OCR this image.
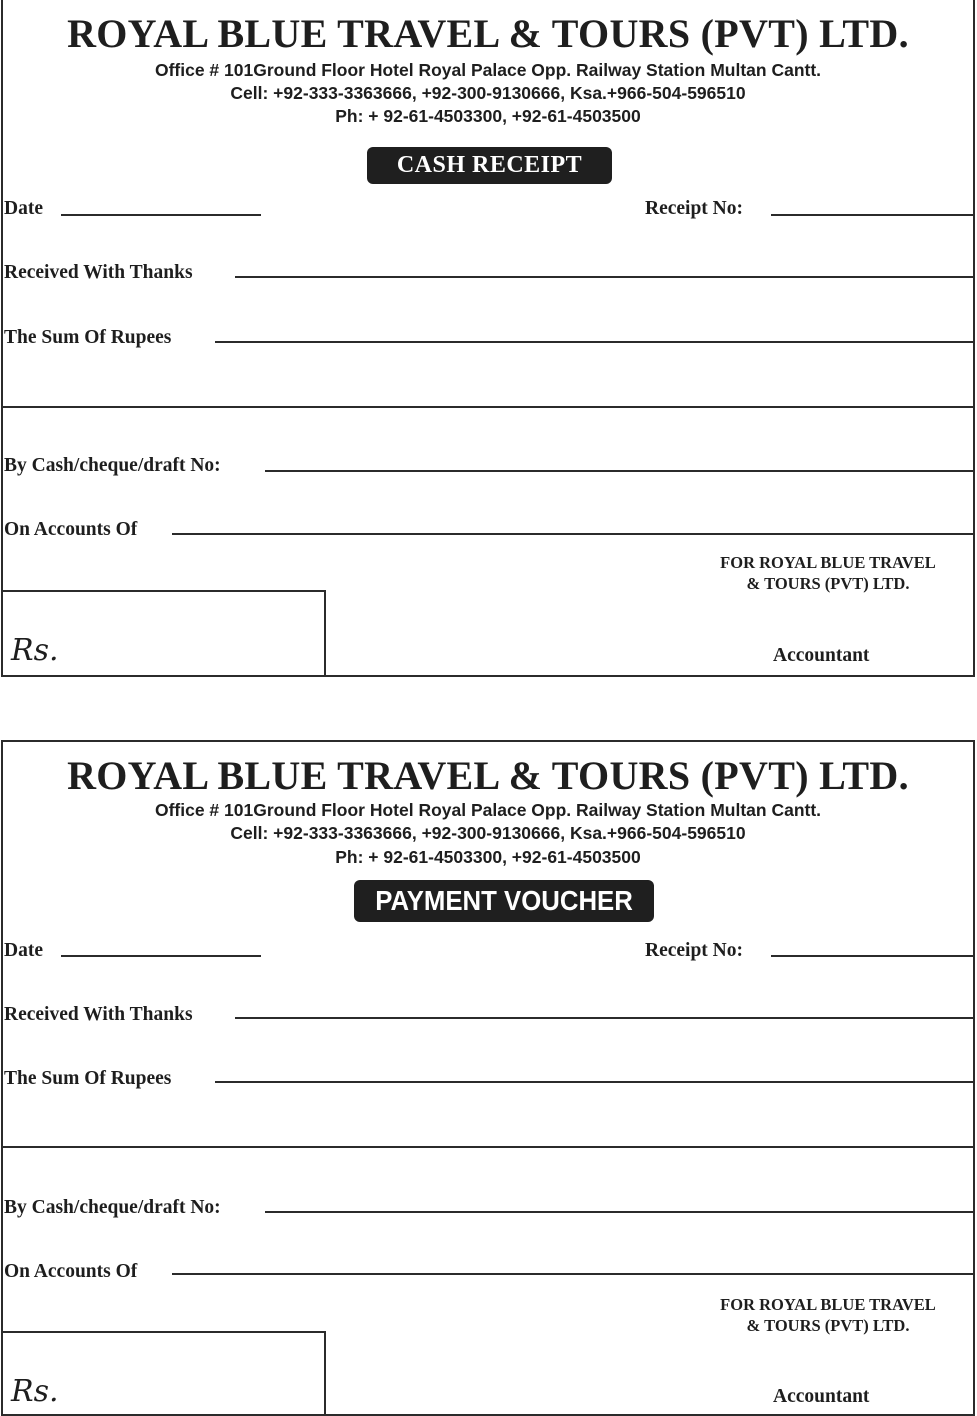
ROYAL BLUE TRAVEL & TOURS (PVT) LTD.
Office # 101Ground Floor Hotel Royal Palace Opp. Railway Station Multan Cantt.
Cell: +92-333-3363666, +92-300-9130666, Ksa.+966-504-596510
Ph: + 92-61-4503300, +92-61-4503500
CASH RECEIPT
Date	Receipt No:
Received With Thanks
The Sum Of Rupees
By Cash/cheque/draft No:
On Accounts Of
FOR ROYAL BLUE TRAVEL
& TOURS (PVT) LTD.
Rs.	Accountant
ROYAL BLUE TRAVEL & TOURS (PVT) LTD.
Office # 101Ground Floor Hotel Royal Palace Opp. Railway Station Multan Cantt.
Cell: +92-333-3363666, +92-300-9130666, Ksa.+966-504-596510
Ph: + 92-61-4503300, +92-61-4503500
PAYMENT VOUCHER
Date	Receipt No:
Received With Thanks
The Sum Of Rupees
By Cash/cheque/draft No:
On Accounts Of
FOR ROYAL BLUE TRAVEL
& TOURS (PVT) LTD.
Rs.	Accountant
